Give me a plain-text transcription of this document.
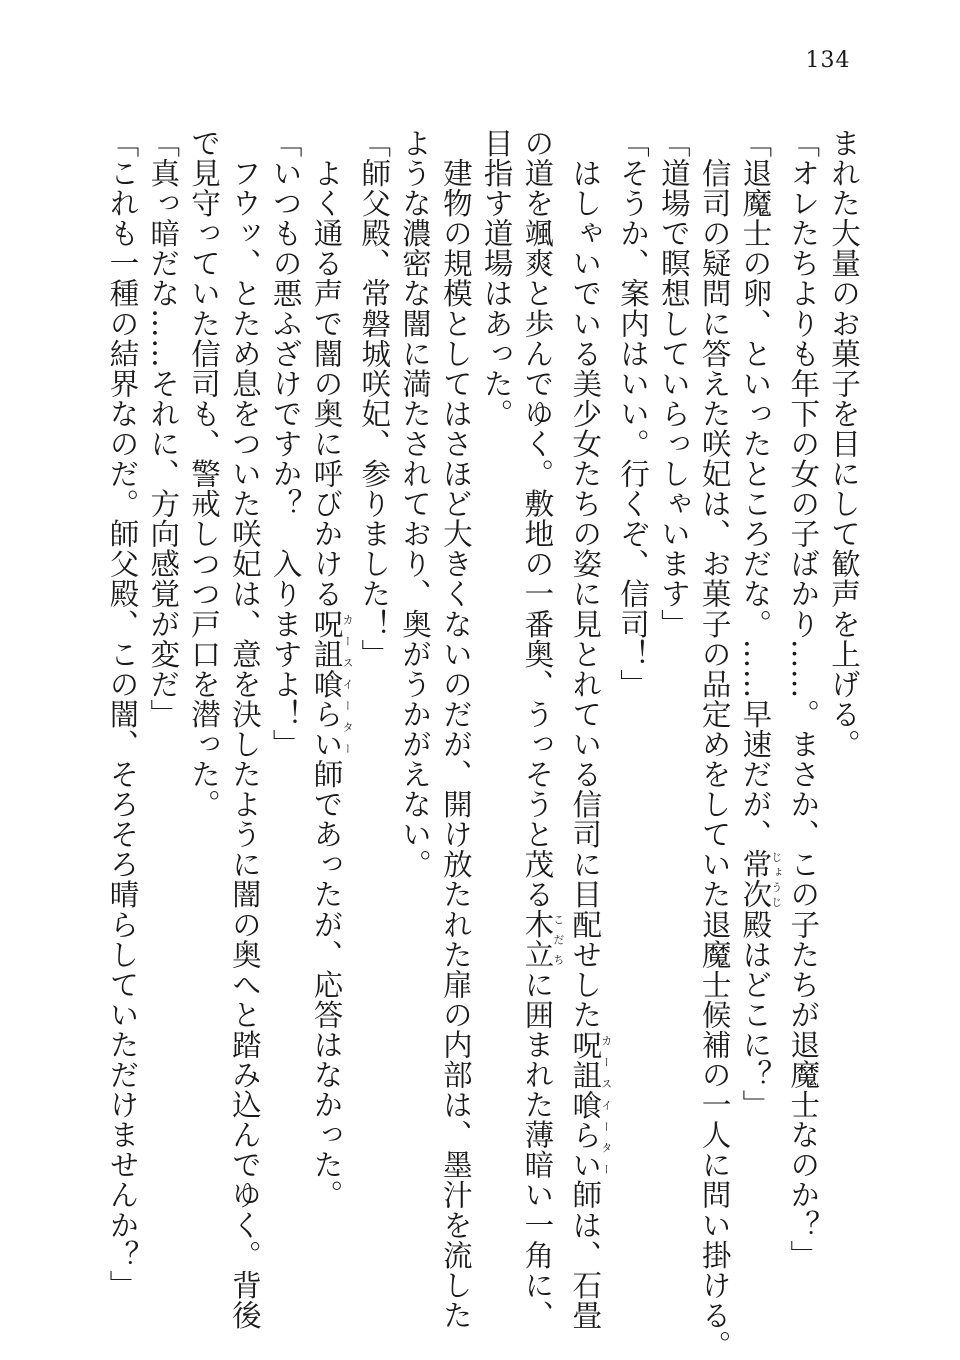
134
まれた大量のお菓子を目にして歓声を上げる。
「オレたちよりも年下の女の子ばかり……。まさか、この子たちが退魔士なのか？」
「退魔士の卵、といったところだな。……早速だが、常次じょうじ殿はどこに？」
　信司の疑問に答えた咲妃は、お菓子の品定めをしていた退魔士候補の一人に問い掛ける。
「道場で瞑想していらっしゃいます」
「そうか、案内はいい。行くぞ、信司！」
　はしゃいでいる美少女たちの姿に見とれている信司に目配せした呪詛喰らいカースイーター師は、石畳
の道を颯爽と歩んでゆく。敷地の一番奥、うっそうと茂る木立こだちに囲まれた薄暗い一角に、
目指す道場はあった。
　建物の規模としてはさほど大きくないのだが、開け放たれた扉の内部は、墨汁を流した
ような濃密な闇に満たされており、奥がうかがえない。
「師父殿、常磐城咲妃、参りました！」
　よく通る声で闇の奥に呼びかける呪詛喰らいカースイーター師であったが、応答はなかった。
「いつもの悪ふざけですか？　入りますよ！」
　フウッ、とため息をついた咲妃は、意を決したように闇の奥へと踏み込んでゆく。背後
で見守っていた信司も、警戒しつつ戸口を潜った。
「真っ暗だな……それに、方向感覚が変だ」
「これも一種の結界なのだ。師父殿、この闇、そろそろ晴らしていただけませんか？」
